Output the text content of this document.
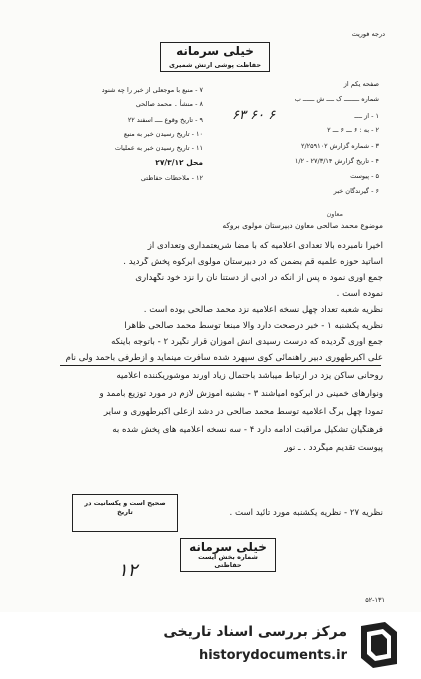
درجه فوریت
خیلی سرمانه
حفاظت پوشی ارتش شمیری
صفحه یکم از
شماره ــــــــ ک ــــ ش ــــــ ب
۱ - از ــــ
۲ - به : ۶ ـــ ۶ ـــ ۲
۳ - شماره گزارش ۲/۲۵۹۱۰۲
۴ - تاریخ گزارش ۲۷/۳/۱۴ - ۱/۲
۵ - پیوست
۶ - گیرندگان خبر
۶۳ ۶۰ ۶
۷ - منبع با موجعلی از خبر را چه شنود
۸ - منشأ ۔ محمد صالحی
۹ - تاریخ وقوع ــــ اسفند ۲۲
۱۰ - تاریخ رسیدن خبر به منبع
۱۱ - تاریخ رسیدن خبر به عملیات
محل ۲۷/۳/۱۲
۱۲ - ملاحظات حفاظتی
معاون
موضوع محمد صالحی معاون دبیرستان مولوی بروکه
اخیراً نامبرده بالا تعدادی اعلامیه که با مضا شریعتمداری وتعدادی از
اساتید حوزه علمیه قم بضمن که در دبیرستان مولوی ابرکوه پخش گردید .
جمع آوری نمود ه پس از آنکه در ادبی از دستنا نآن را نزد خود نگهداری
نموده است .
نظریه شعبه تعداد چهل نسخه اعلامیه نزد محمد صالحی بوده است .
نظریه یکشنبه ۱ - خبر درصحت دارد والا مبنعا توسط محمد صالحی ظاهراً
جمع آوری گردیده که درست رسیدی انش آموزان قرار نگیرد ۲ - باتوجه باینکه
علی اکبرطهوری دبیر راهنمائی کوی سپهرد شده سافرت مینماید و ازطرفی باحمد ولی نام
روحانی ساکن یزد در ارتباط میباشد باحتمال زیاد آورند موشوریکننده اعلامیه
ونوارهای خمینی در ابرکوه امیاشند ۳ - بشنبه آموزش لازم در مورد توزیع باممد و
تمودا چهل برگ اعلامیه توسط محمد صالحی در دشد ازعلی اکبرطهوری و سایر
فرهنگیان تشکیل مراقبت ادامه دارد ۴ - سه نسخه اعلامیه های پخش شده به
پیوست تقدیم میگردد . ـ نور
نظریه ۲۷ - نظریه یکشنبه مورد تائید است .
صحیح است و یکسانیت در تاریخ
خیلی سرمانه
شماره بخش ایست حفاظتی
۱۲
۵۲-۱۳۱
مرکز بررسی اسناد تاریخی
historydocuments.ir
